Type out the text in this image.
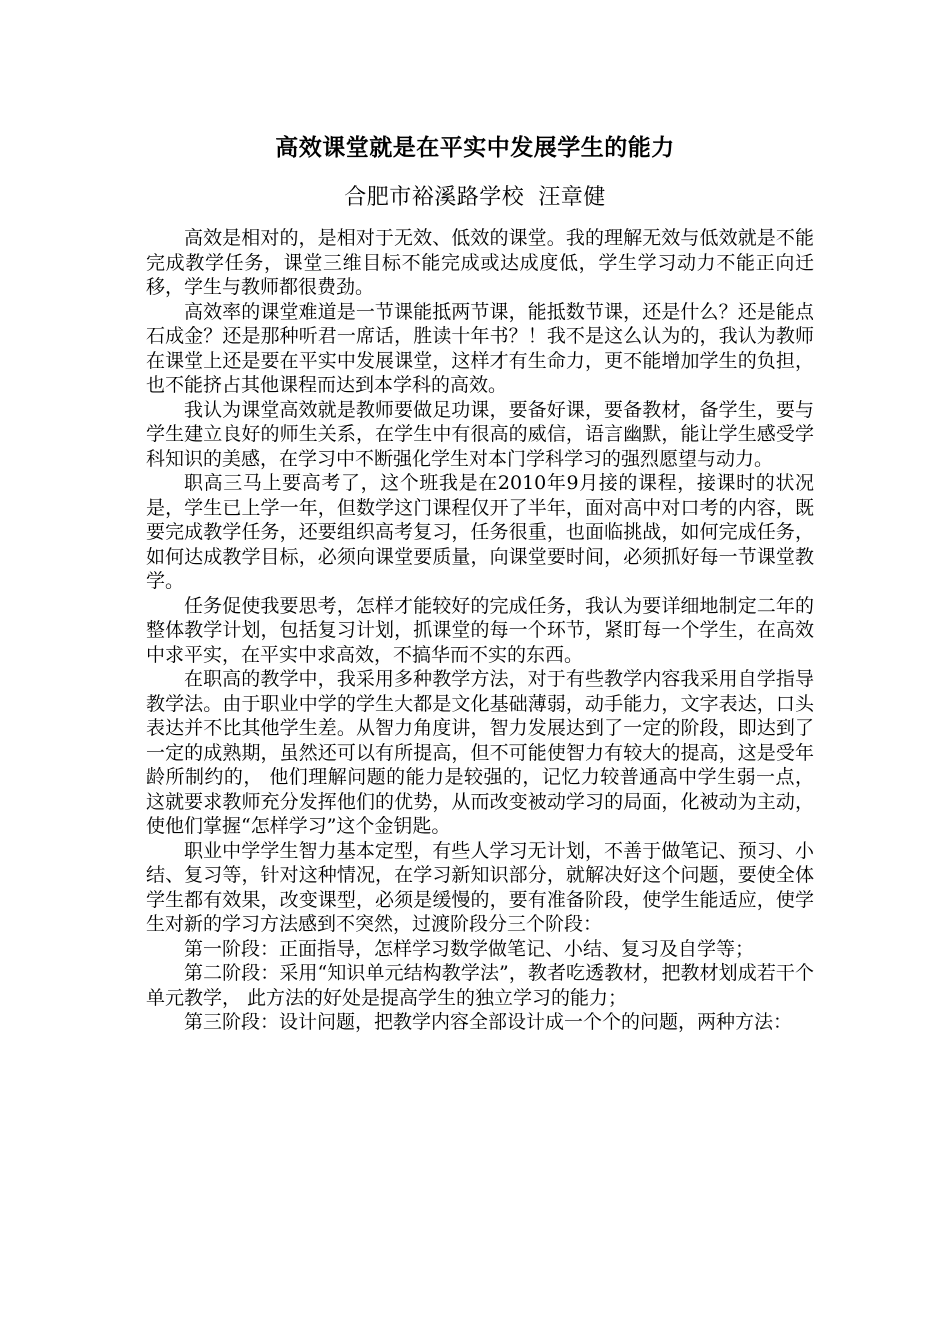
高效课堂就是在平实中发展学生的能力
合肥市裕溪路学校 汪章健

高效是相对的，是相对于无效、低效的课堂。我的理解无效与低效就是不能完成教学任务，课堂三维目标不能完成或达成度低，学生学习动力不能正向迁移，学生与教师都很费劲。

高效率的课堂难道是一节课能抵两节课，能抵数节课，还是什么？还是能点石成金？还是那种听君一席话，胜读十年书？！我不是这么认为的，我认为教师在课堂上还是要在平实中发展课堂，这样才有生命力，更不能增加学生的负担，也不能挤占其他课程而达到本学科的高效。

我认为课堂高效就是教师要做足功课，要备好课，要备教材，备学生，要与学生建立良好的师生关系，在学生中有很高的威信，语言幽默，能让学生感受学科知识的美感，在学习中不断强化学生对本门学科学习的强烈愿望与动力。

职高三马上要高考了，这个班我是在2010年9月接的课程，接课时的状况是，学生已上学一年，但数学这门课程仅开了半年，面对高中对口考的内容，既要完成教学任务，还要组织高考复习，任务很重，也面临挑战，如何完成任务，如何达成教学目标，必须向课堂要质量，向课堂要时间，必须抓好每一节课堂教学。

任务促使我要思考，怎样才能较好的完成任务，我认为要详细地制定二年的整体教学计划，包括复习计划，抓课堂的每一个环节，紧盯每一个学生，在高效中求平实，在平实中求高效，不搞华而不实的东西。

在职高的教学中，我采用多种教学方法，对于有些教学内容我采用自学指导教学法。由于职业中学的学生大都是文化基础薄弱，动手能力，文字表达，口头表达并不比其他学生差。从智力角度讲，智力发展达到了一定的阶段，即达到了一定的成熟期，虽然还可以有所提高，但不可能使智力有较大的提高，这是受年龄所制约的， 他们理解问题的能力是较强的，记忆力较普通高中学生弱一点，这就要求教师充分发挥他们的优势，从而改变被动学习的局面，化被动为主动， 使他们掌握“怎样学习”这个金钥匙。

职业中学学生智力基本定型，有些人学习无计划，不善于做笔记、预习、小结、复习等，针对这种情况，在学习新知识部分，就解决好这个问题，要使全体学生都有效果，改变课型，必须是缓慢的，要有准备阶段，使学生能适应，使学生对新的学习方法感到不突然，过渡阶段分三个阶段：

第一阶段：正面指导，怎样学习数学做笔记、小结、复习及自学等；

第二阶段：采用“知识单元结构教学法”，教者吃透教材，把教材划成若干个单元教学， 此方法的好处是提高学生的独立学习的能力；

第三阶段：设计问题，把教学内容全部设计成一个个的问题，两种方法：
